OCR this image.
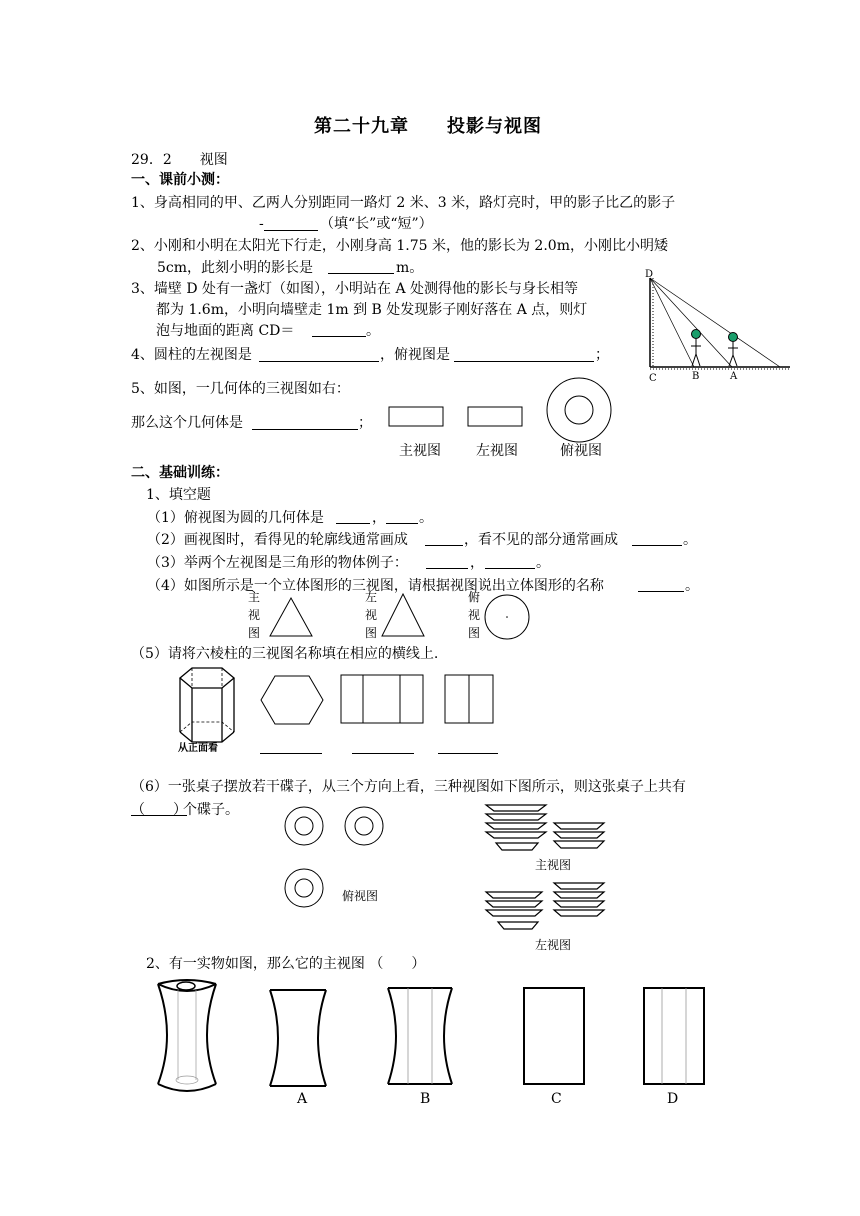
第二十九章　　投影与视图
29．2　　视图
一、课前小测：
1、身高相同的甲、乙两人分别距同一路灯 2 米、3 米，路灯亮时，甲的影子比乙的影子
-	（填“长”或“短”）
2、小刚和小明在太阳光下行走，小刚身高 1.75 米，他的影长为 2.0m，小刚比小明矮
5cm，此刻小明的影长是	m。
3、墙壁 D 处有一盏灯（如图），小明站在 A 处测得他的影长与身长相等
都为 1.6m，小明向墙壁走 1m 到 B 处发现影子刚好落在 A 点，则灯
泡与地面的距离 CD＝	。
D
C	B	A
4、圆柱的左视图是	，俯视图是	；
5、如图，一几何体的三视图如右：
那么这个几何体是	；
主视图	左视图	俯视图
二、基础训练：
1、填空题
（1）俯视图为圆的几何体是	， 。
（2）画视图时，看得见的轮廓线通常画成	，看不见的部分通常画成	。
（3）举两个左视图是三角形的物体例子：	，	。
（4）如图所示是一个立体图形的三视图，请根据视图说出立体图形的名称	。
主
视
图
左
视
图
俯
视
图
（5）请将六棱柱的三视图名称填在相应的横线上.
从正面看
（6）一张桌子摆放若干碟子，从三个方向上看，三种视图如下图所示，则这张桌子上共有
（　　）
个碟子。
俯视图
主视图
左视图
2、有一实物如图，那么它的主视图 （　　）
A	B	C	D
